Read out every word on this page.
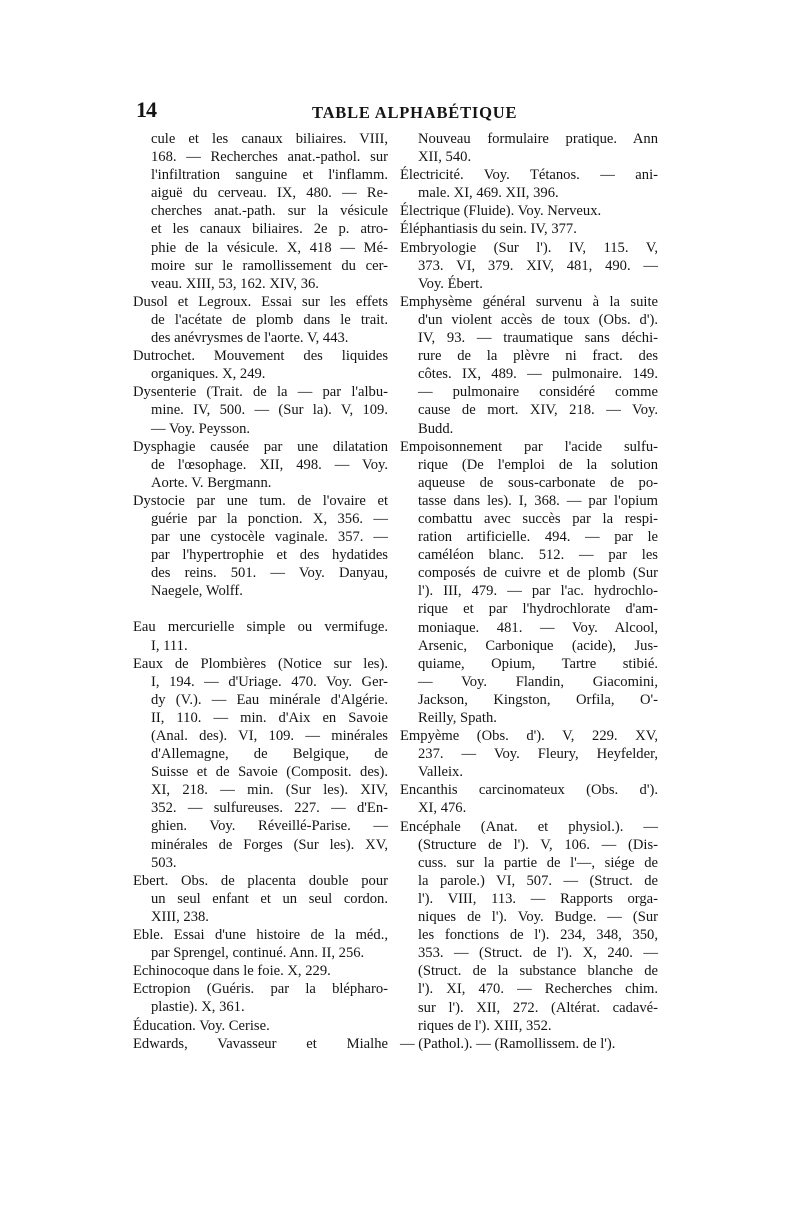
14	TABLE ALPHABÉTIQUE
cule et les canaux biliaires. VIII,
168. — Recherches anat.-pathol. sur
l'infiltration sanguine et l'inflamm.
aiguë du cerveau. IX, 480. — Re-
cherches anat.-path. sur la vésicule
et les canaux biliaires. 2e p. atro-
phie de la vésicule. X, 418 — Mé-
moire sur le ramollissement du cer-
veau. XIII, 53, 162. XIV, 36.
Dusol et Legroux. Essai sur les effets
de l'acétate de plomb dans le trait.
des anévrysmes de l'aorte. V, 443.
Dutrochet. Mouvement des liquides
organiques. X, 249.
Dysenterie (Trait. de la — par l'albu-
mine. IV, 500. — (Sur la). V, 109.
— Voy. Peysson.
Dysphagie causée par une dilatation
de l'œsophage. XII, 498. — Voy.
Aorte. V. Bergmann.
Dystocie par une tum. de l'ovaire et
guérie par la ponction. X, 356. —
par une cystocèle vaginale. 357. —
par l'hypertrophie et des hydatides
des reins. 501. — Voy. Danyau,
Naegele, Wolff.
Eau mercurielle simple ou vermifuge.
I, 111.
Eaux de Plombières (Notice sur les).
I, 194. — d'Uriage. 470. Voy. Ger-
dy (V.). — Eau minérale d'Algérie.
II, 110. — min. d'Aix en Savoie
(Anal. des). VI, 109. — minérales
d'Allemagne, de Belgique, de
Suisse et de Savoie (Composit. des).
XI, 218. — min. (Sur les). XIV,
352. — sulfureuses. 227. — d'En-
ghien. Voy. Réveillé-Parise. —
minérales de Forges (Sur les). XV,
503.
Ebert. Obs. de placenta double pour
un seul enfant et un seul cordon.
XIII, 238.
Eble. Essai d'une histoire de la méd.,
par Sprengel, continué. Ann. II, 256.
Echinocoque dans le foie. X, 229.
Ectropion (Guéris. par la blépharo-
plastie). X, 361.
Éducation. Voy. Cerise.
Edwards, Vavasseur et Mialhe
Nouveau formulaire pratique. Ann
XII, 540.
Électricité. Voy. Tétanos. — ani-
male. XI, 469. XII, 396.
Électrique (Fluide). Voy. Nerveux.
Éléphantiasis du sein. IV, 377.
Embryologie (Sur l'). IV, 115. V,
373. VI, 379. XIV, 481, 490. —
Voy. Ébert.
Emphysème général survenu à la suite
d'un violent accès de toux (Obs. d').
IV, 93. — traumatique sans déchi-
rure de la plèvre ni fract. des
côtes. IX, 489. — pulmonaire. 149.
— pulmonaire considéré comme
cause de mort. XIV, 218. — Voy.
Budd.
Empoisonnement par l'acide sulfu-
rique (De l'emploi de la solution
aqueuse de sous-carbonate de po-
tasse dans les). I, 368. — par l'opium
combattu avec succès par la respi-
ration artificielle. 494. — par le
caméléon blanc. 512. — par les
composés de cuivre et de plomb (Sur
l'). III, 479. — par l'ac. hydrochlo-
rique et par l'hydrochlorate d'am-
moniaque. 481. — Voy. Alcool,
Arsenic, Carbonique (acide), Jus-
quiame, Opium, Tartre stibié.
— Voy. Flandin, Giacomini,
Jackson, Kingston, Orfila, O'-
Reilly, Spath.
Empyème (Obs. d'). V, 229. XV,
237. — Voy. Fleury, Heyfelder,
Valleix.
Encanthis carcinomateux (Obs. d').
XI, 476.
Encéphale (Anat. et physiol.). —
(Structure de l'). V, 106. — (Dis-
cuss. sur la partie de l'—, siége de
la parole.) VI, 507. — (Struct. de
l'). VIII, 113. — Rapports orga-
niques de l'). Voy. Budge. — (Sur
les fonctions de l'). 234, 348, 350,
353. — (Struct. de l'). X, 240. —
(Struct. de la substance blanche de
l'). XI, 470. — Recherches chim.
sur l'). XII, 272. (Altérat. cadavé-
riques de l'). XIII, 352.
— (Pathol.). — (Ramollissem. de l').
